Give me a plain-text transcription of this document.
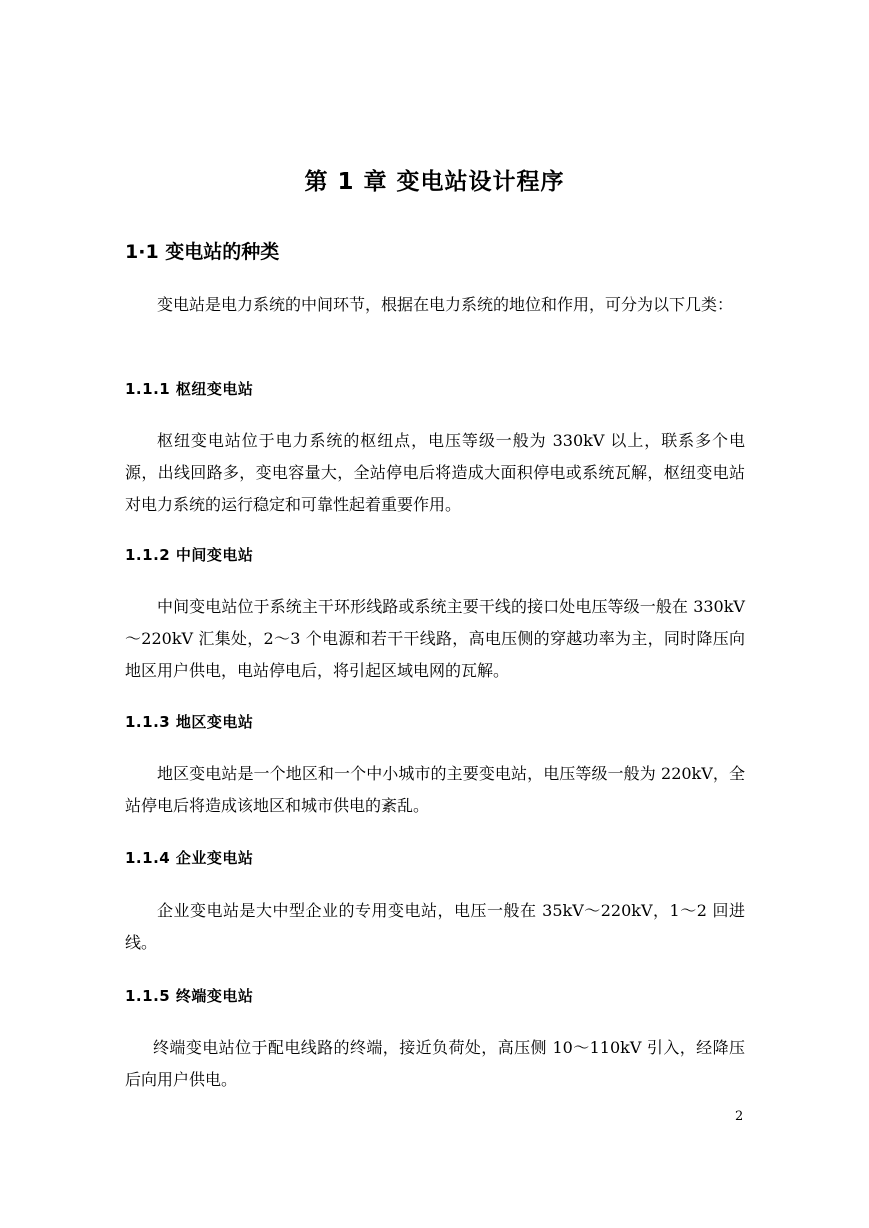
第 1 章 变电站设计程序
1·1 变电站的种类
变电站是电力系统的中间环节，根据在电力系统的地位和作用，可分为以下几类：
1.1.1 枢纽变电站
枢纽变电站位于电力系统的枢纽点，电压等级一般为 330kV 以上，联系多个电源，出线回路多，变电容量大，全站停电后将造成大面积停电或系统瓦解，枢纽变电站对电力系统的运行稳定和可靠性起着重要作用。
1.1.2 中间变电站
中间变电站位于系统主干环形线路或系统主要干线的接口处电压等级一般在 330kV～220kV 汇集处，2～3 个电源和若干干线路，高电压侧的穿越功率为主，同时降压向地区用户供电，电站停电后，将引起区域电网的瓦解。
1.1.3 地区变电站
地区变电站是一个地区和一个中小城市的主要变电站，电压等级一般为 220kV，全站停电后将造成该地区和城市供电的紊乱。
1.1.4 企业变电站
企业变电站是大中型企业的专用变电站，电压一般在 35kV～220kV，1～2 回进线。
1.1.5 终端变电站
终端变电站位于配电线路的终端，接近负荷处，高压侧 10～110kV 引入，经降压后向用户供电。
2
